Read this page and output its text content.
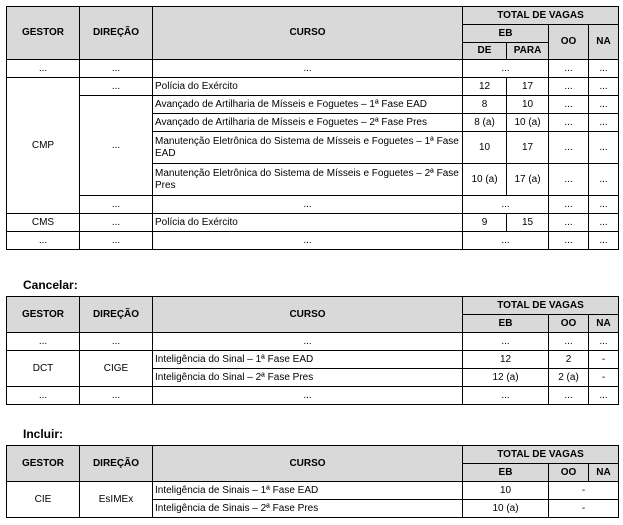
GESTOR	DIREÇÃO	CURSO	TOTAL DE VAGAS			
			EB		OO	NA
			DE	PARA		
...	...	...	...		...	...
CMP	...	Polícia do Exército	12	17	...	...
	...	Avançado de Artilharia de Mísseis e Foguetes – 1ª Fase EAD	8	10	...	...
		Avançado de Artilharia de Mísseis e Foguetes – 2ª Fase Pres	8 (a)	10 (a)	...	...
		Manutenção Eletrônica do Sistema de Mísseis e Foguetes – 1ª Fase EAD	10	17	...	...
		Manutenção Eletrônica do Sistema de Mísseis e Foguetes – 2ª Fase Pres	10 (a)	17 (a)	...	...
	...	...	...		...	...
CMS	...	Polícia do Exército	9	15	...	...
...	...	...	...		...	...
Cancelar:
GESTOR	DIREÇÃO	CURSO	TOTAL DE VAGAS		
			EB	OO	NA
...	...	...	...	...	...
DCT	CIGE	Inteligência do Sinal – 1ª Fase EAD	12	2	-
		Inteligência do Sinal – 2ª Fase Pres	12 (a)	2 (a)	-
...	...	...	...	...	...
Incluir:
GESTOR	DIREÇÃO	CURSO	TOTAL DE VAGAS		
			EB	OO	NA
CIE	EsIMEx	Inteligência de Sinais – 1ª Fase EAD	10	-	
		Inteligência de Sinais – 2ª Fase Pres	10 (a)	-	
